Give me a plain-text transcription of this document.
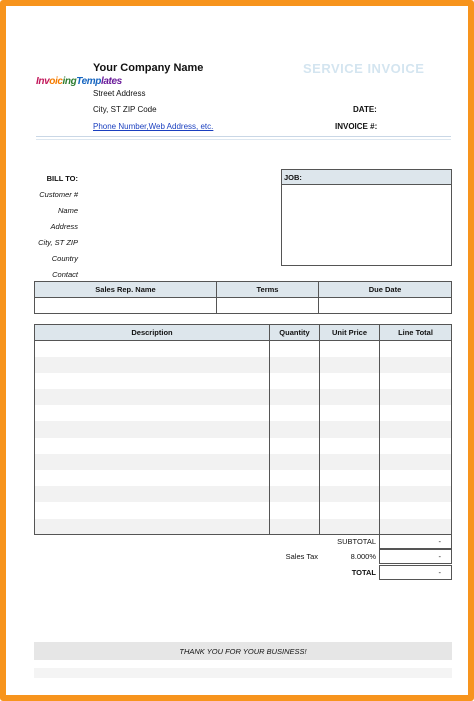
InvoicingTemplates
Your Company Name
Street Address
City, ST ZIP Code
Phone Number,Web Address, etc.
SERVICE INVOICE
DATE:
INVOICE #:
BILL TO:
Customer #
Name
Address
City, ST ZIP
Country
Contact
JOB:
Sales Rep. Name	Terms	Due Date

Description	Quantity	Unit Price	Line Total

SUBTOTAL	-
Sales Tax	8.000%	-
TOTAL	-
THANK YOU FOR YOUR BUSINESS!
